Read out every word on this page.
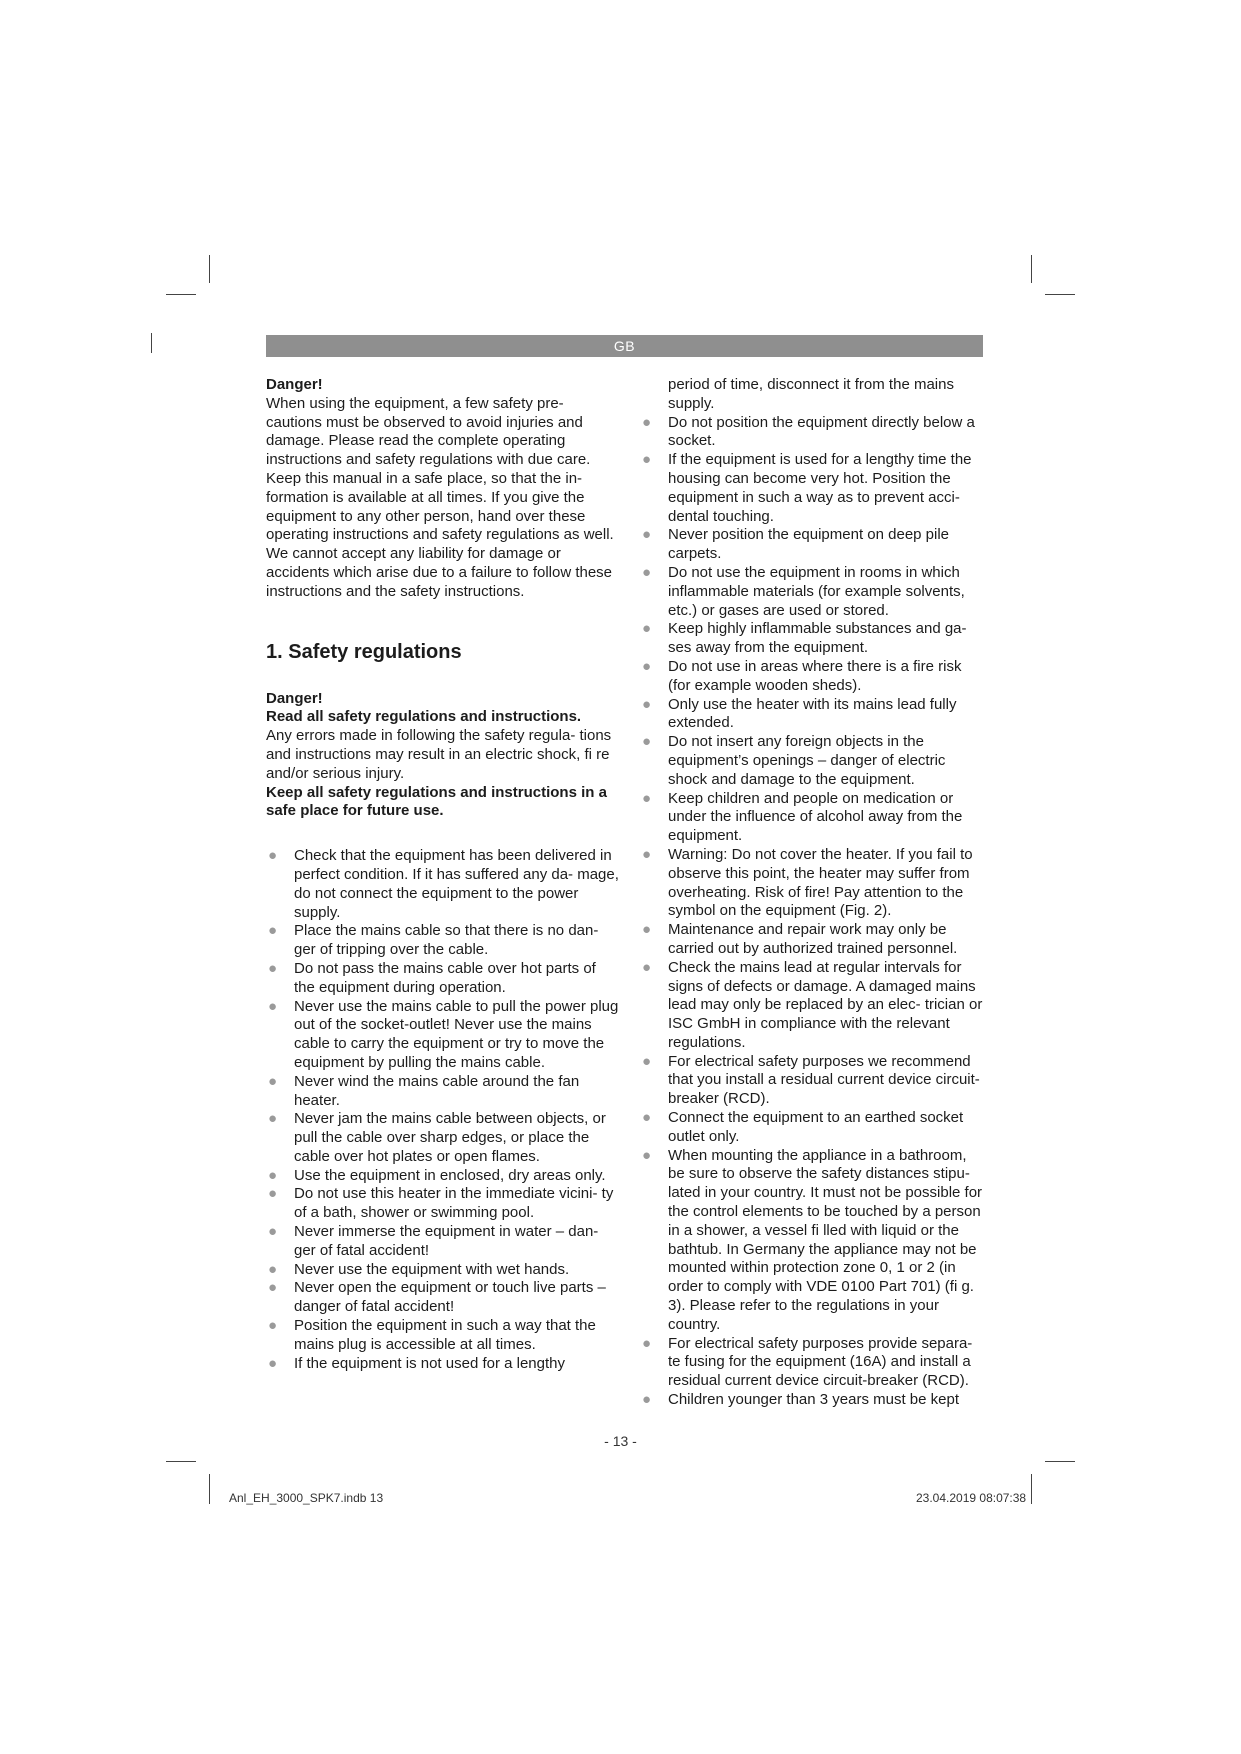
GB

Danger!

When using the equipment, a few safety pre- cautions must be observed to avoid injuries and damage. Please read the complete operating instructions and safety regulations with due care. Keep this manual in a safe place, so that the in- formation is available at all times. If you give the equipment to any other person, hand over these operating instructions and safety regulations as well. We cannot accept any liability for damage or accidents which arise due to a failure to follow these instructions and the safety instructions.

1. Safety regulations

Danger!

Read all safety regulations and instructions.

Any errors made in following the safety regula- tions and instructions may result in an electric shock, fi re and/or serious injury.

Keep all safety regulations and instructions in a safe place for future use.

● Check that the equipment has been delivered in perfect condition. If it has suffered any da- mage, do not connect the equipment to the power supply.
● Place the mains cable so that there is no dan- ger of tripping over the cable.
● Do not pass the mains cable over hot parts of the equipment during operation.
● Never use the mains cable to pull the power plug out of the socket-outlet! Never use the mains cable to carry the equipment or try to move the equipment by pulling the mains cable.
● Never wind the mains cable around the fan heater.
● Never jam the mains cable between objects, or pull the cable over sharp edges, or place the cable over hot plates or open flames.
● Use the equipment in enclosed, dry areas only.
● Do not use this heater in the immediate vicini- ty of a bath, shower or swimming pool.
● Never immerse the equipment in water – dan- ger of fatal accident!
● Never use the equipment with wet hands.
● Never open the equipment or touch live parts – danger of fatal accident!
● Position the equipment in such a way that the mains plug is accessible at all times.
● If the equipment is not used for a lengthy
period of time, disconnect it from the mains supply.
● Do not position the equipment directly below a socket.
● If the equipment is used for a lengthy time the housing can become very hot. Position the equipment in such a way as to prevent acci- dental touching.
● Never position the equipment on deep pile carpets.
● Do not use the equipment in rooms in which inflammable materials (for example solvents, etc.) or gases are used or stored.
● Keep highly inflammable substances and ga- ses away from the equipment.
● Do not use in areas where there is a fire risk (for example wooden sheds).
● Only use the heater with its mains lead fully extended.
● Do not insert any foreign objects in the equipment’s openings – danger of electric shock and damage to the equipment.
● Keep children and people on medication or under the influence of alcohol away from the equipment.
● Warning: Do not cover the heater. If you fail to observe this point, the heater may suffer from overheating. Risk of fire! Pay attention to the symbol on the equipment (Fig. 2).
● Maintenance and repair work may only be carried out by authorized trained personnel.
● Check the mains lead at regular intervals for signs of defects or damage. A damaged mains lead may only be replaced by an elec- trician or ISC GmbH in compliance with the relevant regulations.
● For electrical safety purposes we recommend that you install a residual current device circuit-breaker (RCD).
● Connect the equipment to an earthed socket outlet only.
● When mounting the appliance in a bathroom, be sure to observe the safety distances stipu- lated in your country. It must not be possible for the control elements to be touched by a person in a shower, a vessel fi lled with liquid or the bathtub. In Germany the appliance may not be mounted within protection zone 0, 1 or 2 (in order to comply with VDE 0100 Part 701) (fi g. 3). Please refer to the regulations in your country.
● For electrical safety purposes provide separa- te fusing for the equipment (16A) and install a residual current device circuit-breaker (RCD).
● Children younger than 3 years must be kept
- 13 -
Anl_EH_3000_SPK7.indb 13	23.04.2019 08:07:38
